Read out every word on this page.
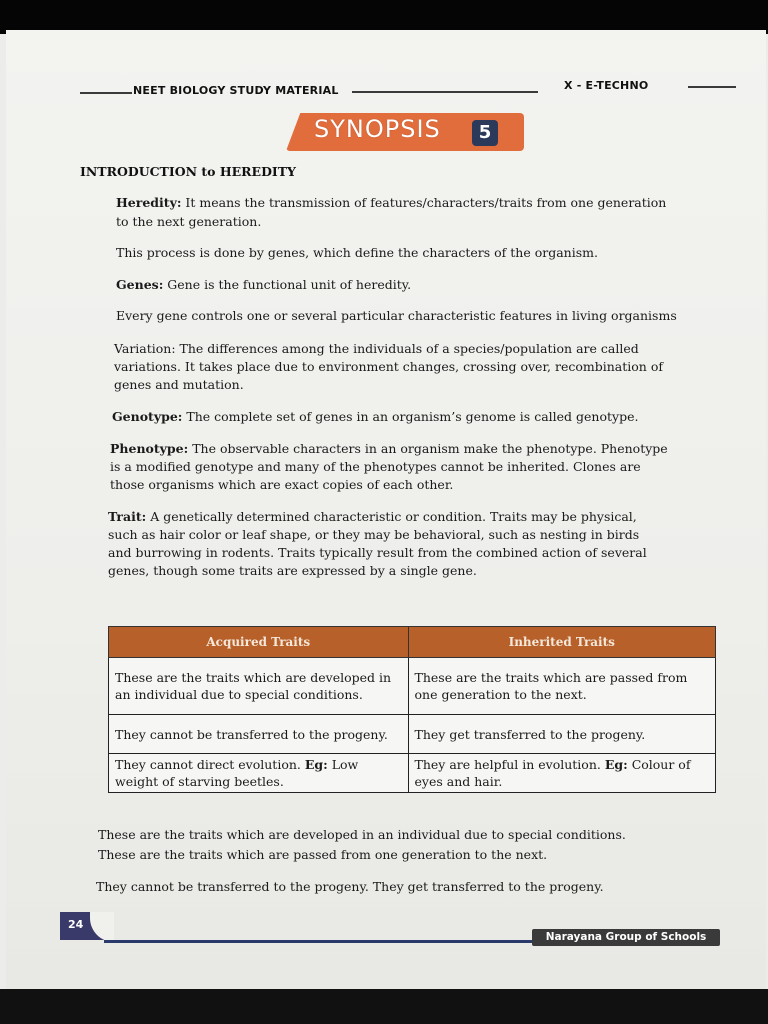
NEET BIOLOGY STUDY MATERIAL	X - E-TECHNO
SYNOPSIS	5
INTRODUCTION to HEREDITY
Heredity: It means the transmission of features/characters/traits from one generation
to the next generation.
This process is done by genes, which define the characters of the organism.
Genes: Gene is the functional unit of heredity.
Every gene controls one or several particular characteristic features in living organisms
Variation: The differences among the individuals of a species/population are called
variations. It takes place due to environment changes, crossing over, recombination of
genes and mutation.
Genotype: The complete set of genes in an organism’s genome is called genotype.
Phenotype: The observable characters in an organism make the phenotype. Phenotype
is a modified genotype and many of the phenotypes cannot be inherited. Clones are
those organisms which are exact copies of each other.
Trait: A genetically determined characteristic or condition. Traits may be physical,
such as hair color or leaf shape, or they may be behavioral, such as nesting in birds
and burrowing in rodents. Traits typically result from the combined action of several
genes, though some traits are expressed by a single gene.
Acquired Traits	Inherited Traits
These are the traits which are developed in an individual due to special conditions.	These are the traits which are passed from one generation to the next.
They cannot be transferred to the progeny.	They get transferred to the progeny.
They cannot direct evolution. Eg: Low weight of starving beetles.	They are helpful in evolution. Eg: Colour of eyes and hair.
These are the traits which are developed in an individual due to special conditions.
These are the traits which are passed from one generation to the next.
They cannot be transferred to the progeny. They get transferred to the progeny.
24
Narayana Group of Schools
